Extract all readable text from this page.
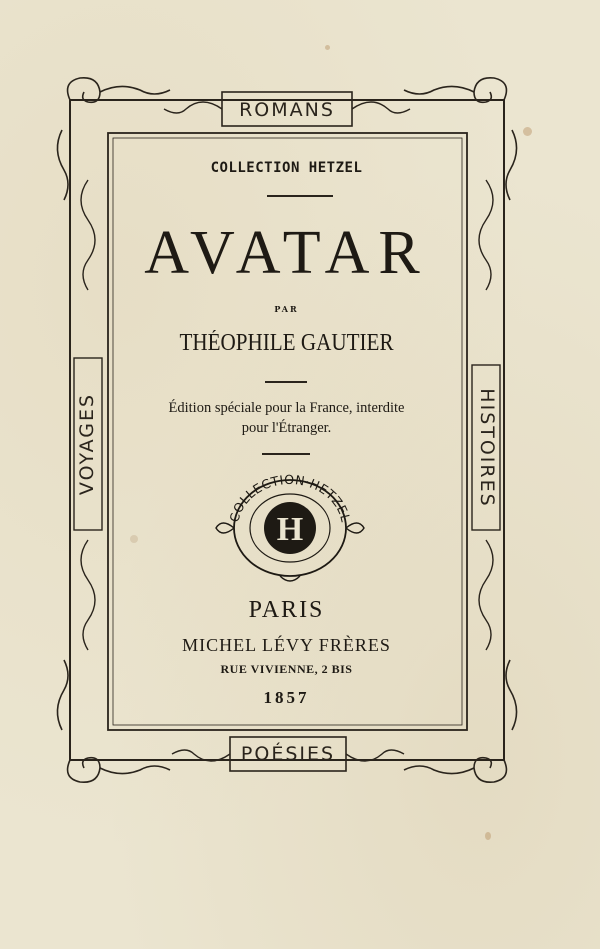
ROMANS
POÉSIES
VOYAGES	HISTOIRES
COLLECTION HETZEL
AVATAR
PAR
THÉOPHILE GAUTIER
Édition spéciale pour la France, interdite
pour l'Étranger.
COLLECTION·HETZEL
H
PARIS
MICHEL LÉVY FRÈRES
RUE VIVIENNE, 2 BIS
1857
